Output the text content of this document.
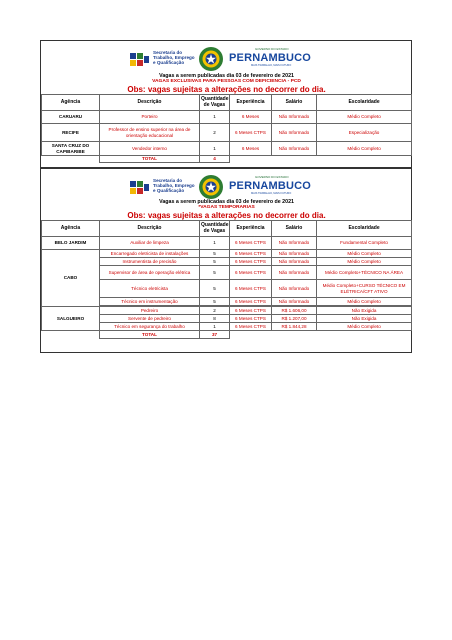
Secretaria do
Trabalho, Emprego
e Qualificação
GOVERNO DO ESTADO
PERNAMBUCO
MAIS TRABALHO, MAIS FUTURO
Vagas a serem publicadas dia 03 de fevereiro de 2021					
VAGAS EXCLUSIVAS PARA PESSOAS COM DEFICIÊNCIA - PCD					
Obs: vagas sujeitas a alterações no decorrer do dia.					
Agência	Descrição	Quantidade de Vagas	Experiência	Salário	Escolaridade
CARUARU	Porteiro	1	6 Meses	Não Informado	Médio Completo
RECIFE	Professor de ensino superior na área de orientação educacional	2	6 Meses CTPS	Não Informado	Especialização
SANTA CRUZ DO CAPIBARIBE	Vendedor interno	1	6 Meses	Não Informado	Médio Completo
	TOTAL	4			
Secretaria do
Trabalho, Emprego
e Qualificação
GOVERNO DO ESTADO
PERNAMBUCO
MAIS TRABALHO, MAIS FUTURO
Vagas a serem publicadas dia 03 de fevereiro de 2021					
*VAGAS TEMPORÁRIAS					
Obs: vagas sujeitas a alterações no decorrer do dia.					
Agência	Descrição	Quantidade de Vagas	Experiência	Salário	Escolaridade
BELO JARDIM	Auxiliar de limpeza	1	6 Meses CTPS	Não Informado	Fundamental Completo
CABO	Encarregado eletricista de instalações	5	6 Meses CTPS	Não Informado	Médio Completo
	Instrumentista de precisão	5	6 Meses CTPS	Não Informado	Médio Completo
	Supervisor de área de operação elétrica	5	6 Meses CTPS	Não Informado	Médio Completo+TÉCNICO NA ÁREA
	Técnico eletricista	5	6 Meses CTPS	Não Informado	Médio Completo+CURSO TÉCNICO EM ELÉTRICA/CFT ATIVO
	Técnico em instrumentação	5	6 Meses CTPS	Não Informado	Médio Completo

SALGUEIRO	Pedreiro	2	6 Meses CTPS	R$ 1.606,00	Não Exigida
	Servente de pedreiro	8	6 Meses CTPS	R$ 1.207,00	Não Exigida
	Técnico em segurança do trabalho	1	6 Meses CTPS	R$ 1.844,28	Médio Completo
	TOTAL	37			
